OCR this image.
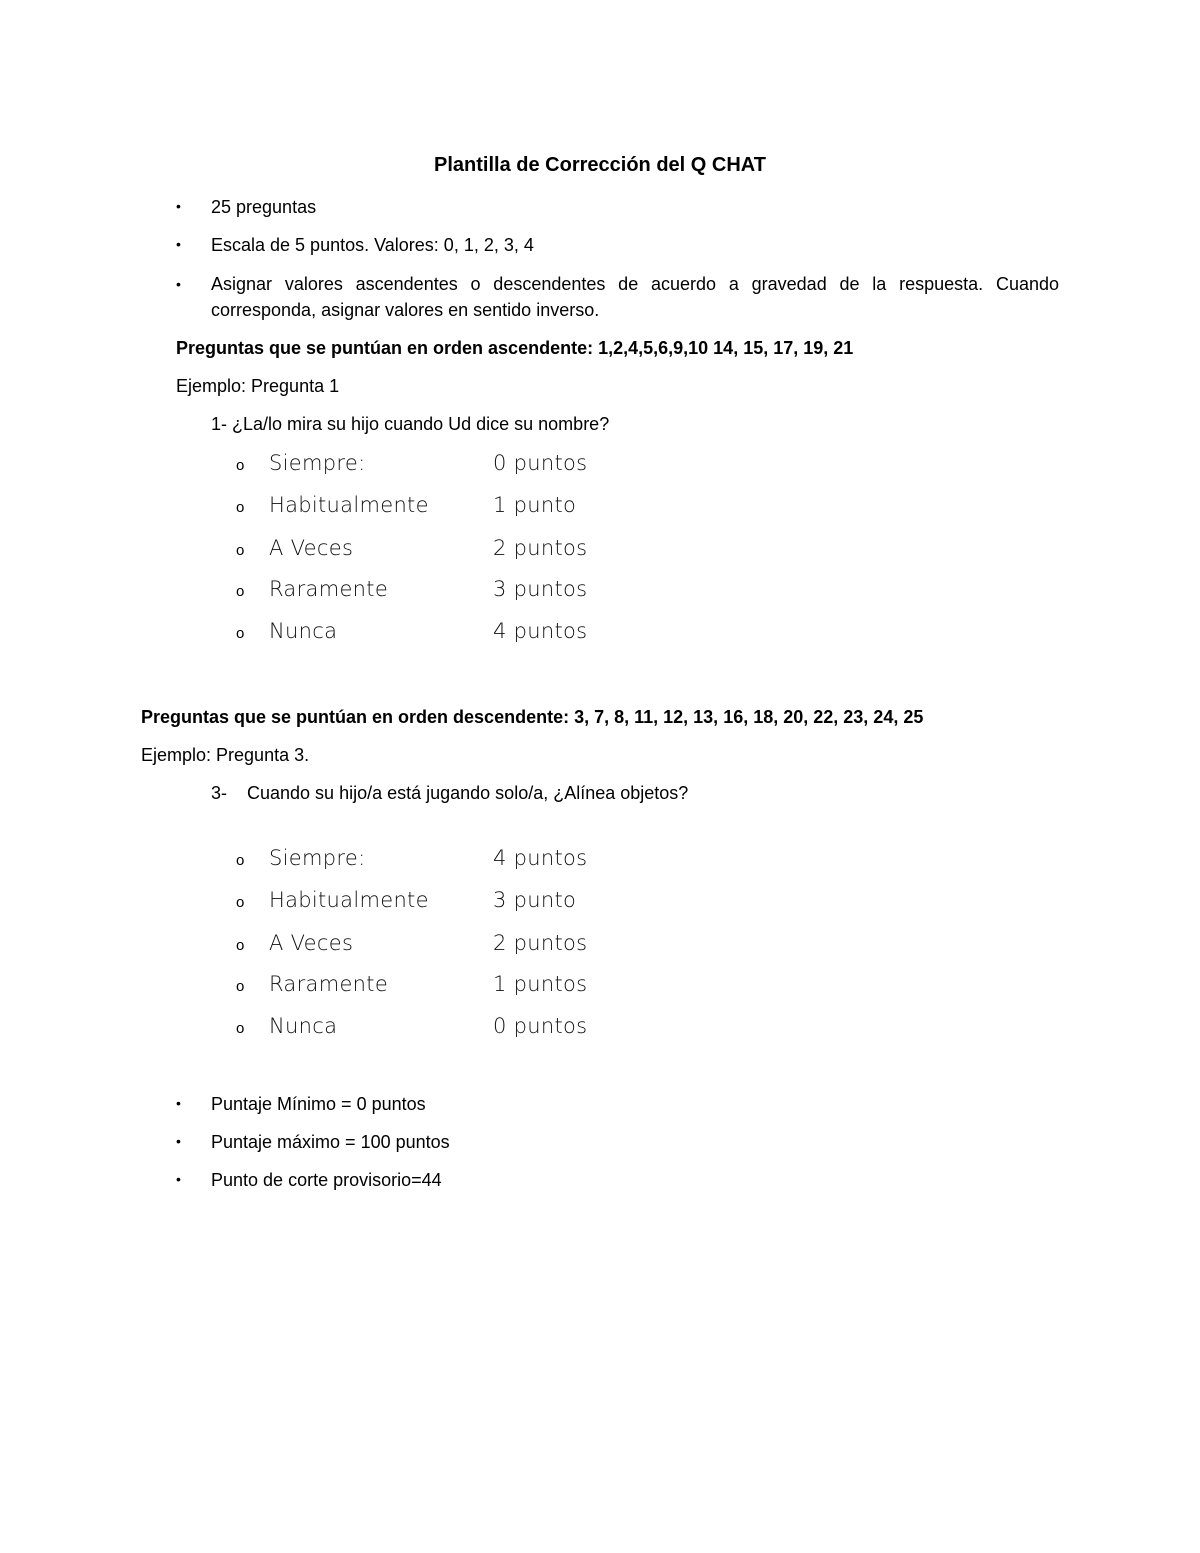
Plantilla de Corrección del Q CHAT
• 25 preguntas
• Escala de 5 puntos. Valores: 0, 1, 2, 3, 4
• Asignar valores ascendentes o descendentes de acuerdo a gravedad de la respuesta. Cuando corresponda, asignar valores en sentido inverso.
Preguntas que se puntúan en orden ascendente: 1,2,4,5,6,9,10 14, 15, 17, 19, 21
Ejemplo: Pregunta 1
1- ¿La/lo mira su hijo cuando Ud dice su nombre?
o Siempre:	0 puntos
o Habitualmente	1 punto
o A Veces	2 puntos
o Raramente	3 puntos
o Nunca	4 puntos
Preguntas que se puntúan en orden descendente: 3, 7, 8, 11, 12, 13, 16, 18, 20, 22, 23, 24, 25
Ejemplo: Pregunta 3.
3- Cuando su hijo/a está jugando solo/a, ¿Alínea objetos?
o Siempre:	4 puntos
o Habitualmente	3 punto
o A Veces	2 puntos
o Raramente	1 puntos
o Nunca	0 puntos
• Puntaje Mínimo = 0 puntos
• Puntaje máximo = 100 puntos
• Punto de corte provisorio=44
